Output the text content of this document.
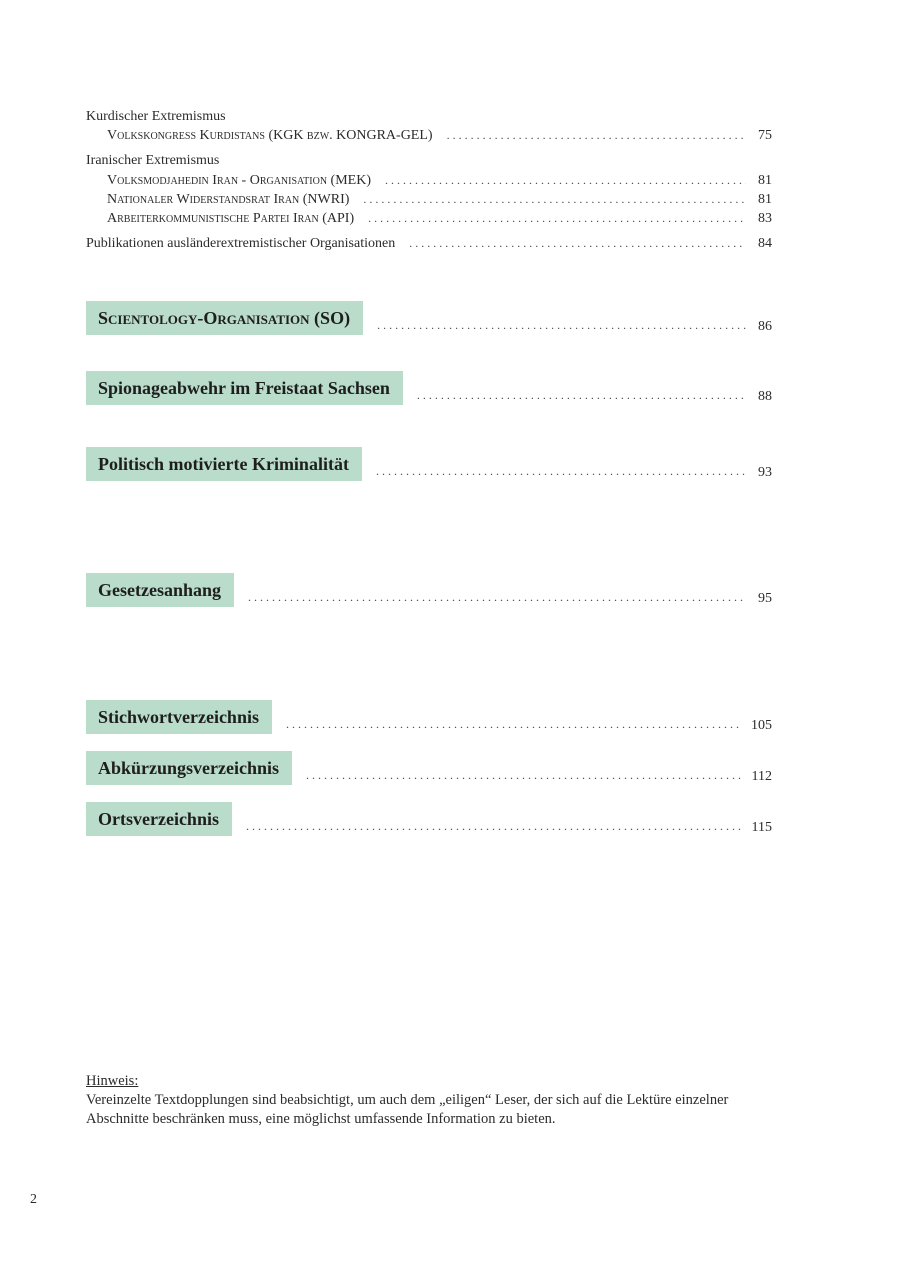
Kurdischer Extremismus
Volkskongress Kurdistans (KGK bzw. KONGRA-GEL) . . .	75
Iranischer Extremismus
Volksmodjahedin Iran - Organisation (MEK) . . .	81
Nationaler Widerstandsrat Iran (NWRI) . . .	81
Arbeiterkommunistische Partei Iran (API) . . .	83
Publikationen ausländerextremistischer Organisationen . . .	84
Scientology-Organisation (SO) . . .	86
Spionageabwehr im Freistaat Sachsen . . .	88
Politisch motivierte Kriminalität . . .	93
Gesetzesanhang . . .	95
Stichwortverzeichnis . . .	105
Abkürzungsverzeichnis . . .	112
Ortsverzeichnis . . .	115
Hinweis:
Vereinzelte Textdopplungen sind beabsichtigt, um auch dem „eiligen“ Leser, der sich auf die Lektüre einzelner
Abschnitte beschränken muss, eine möglichst umfassende Information zu bieten.
2
